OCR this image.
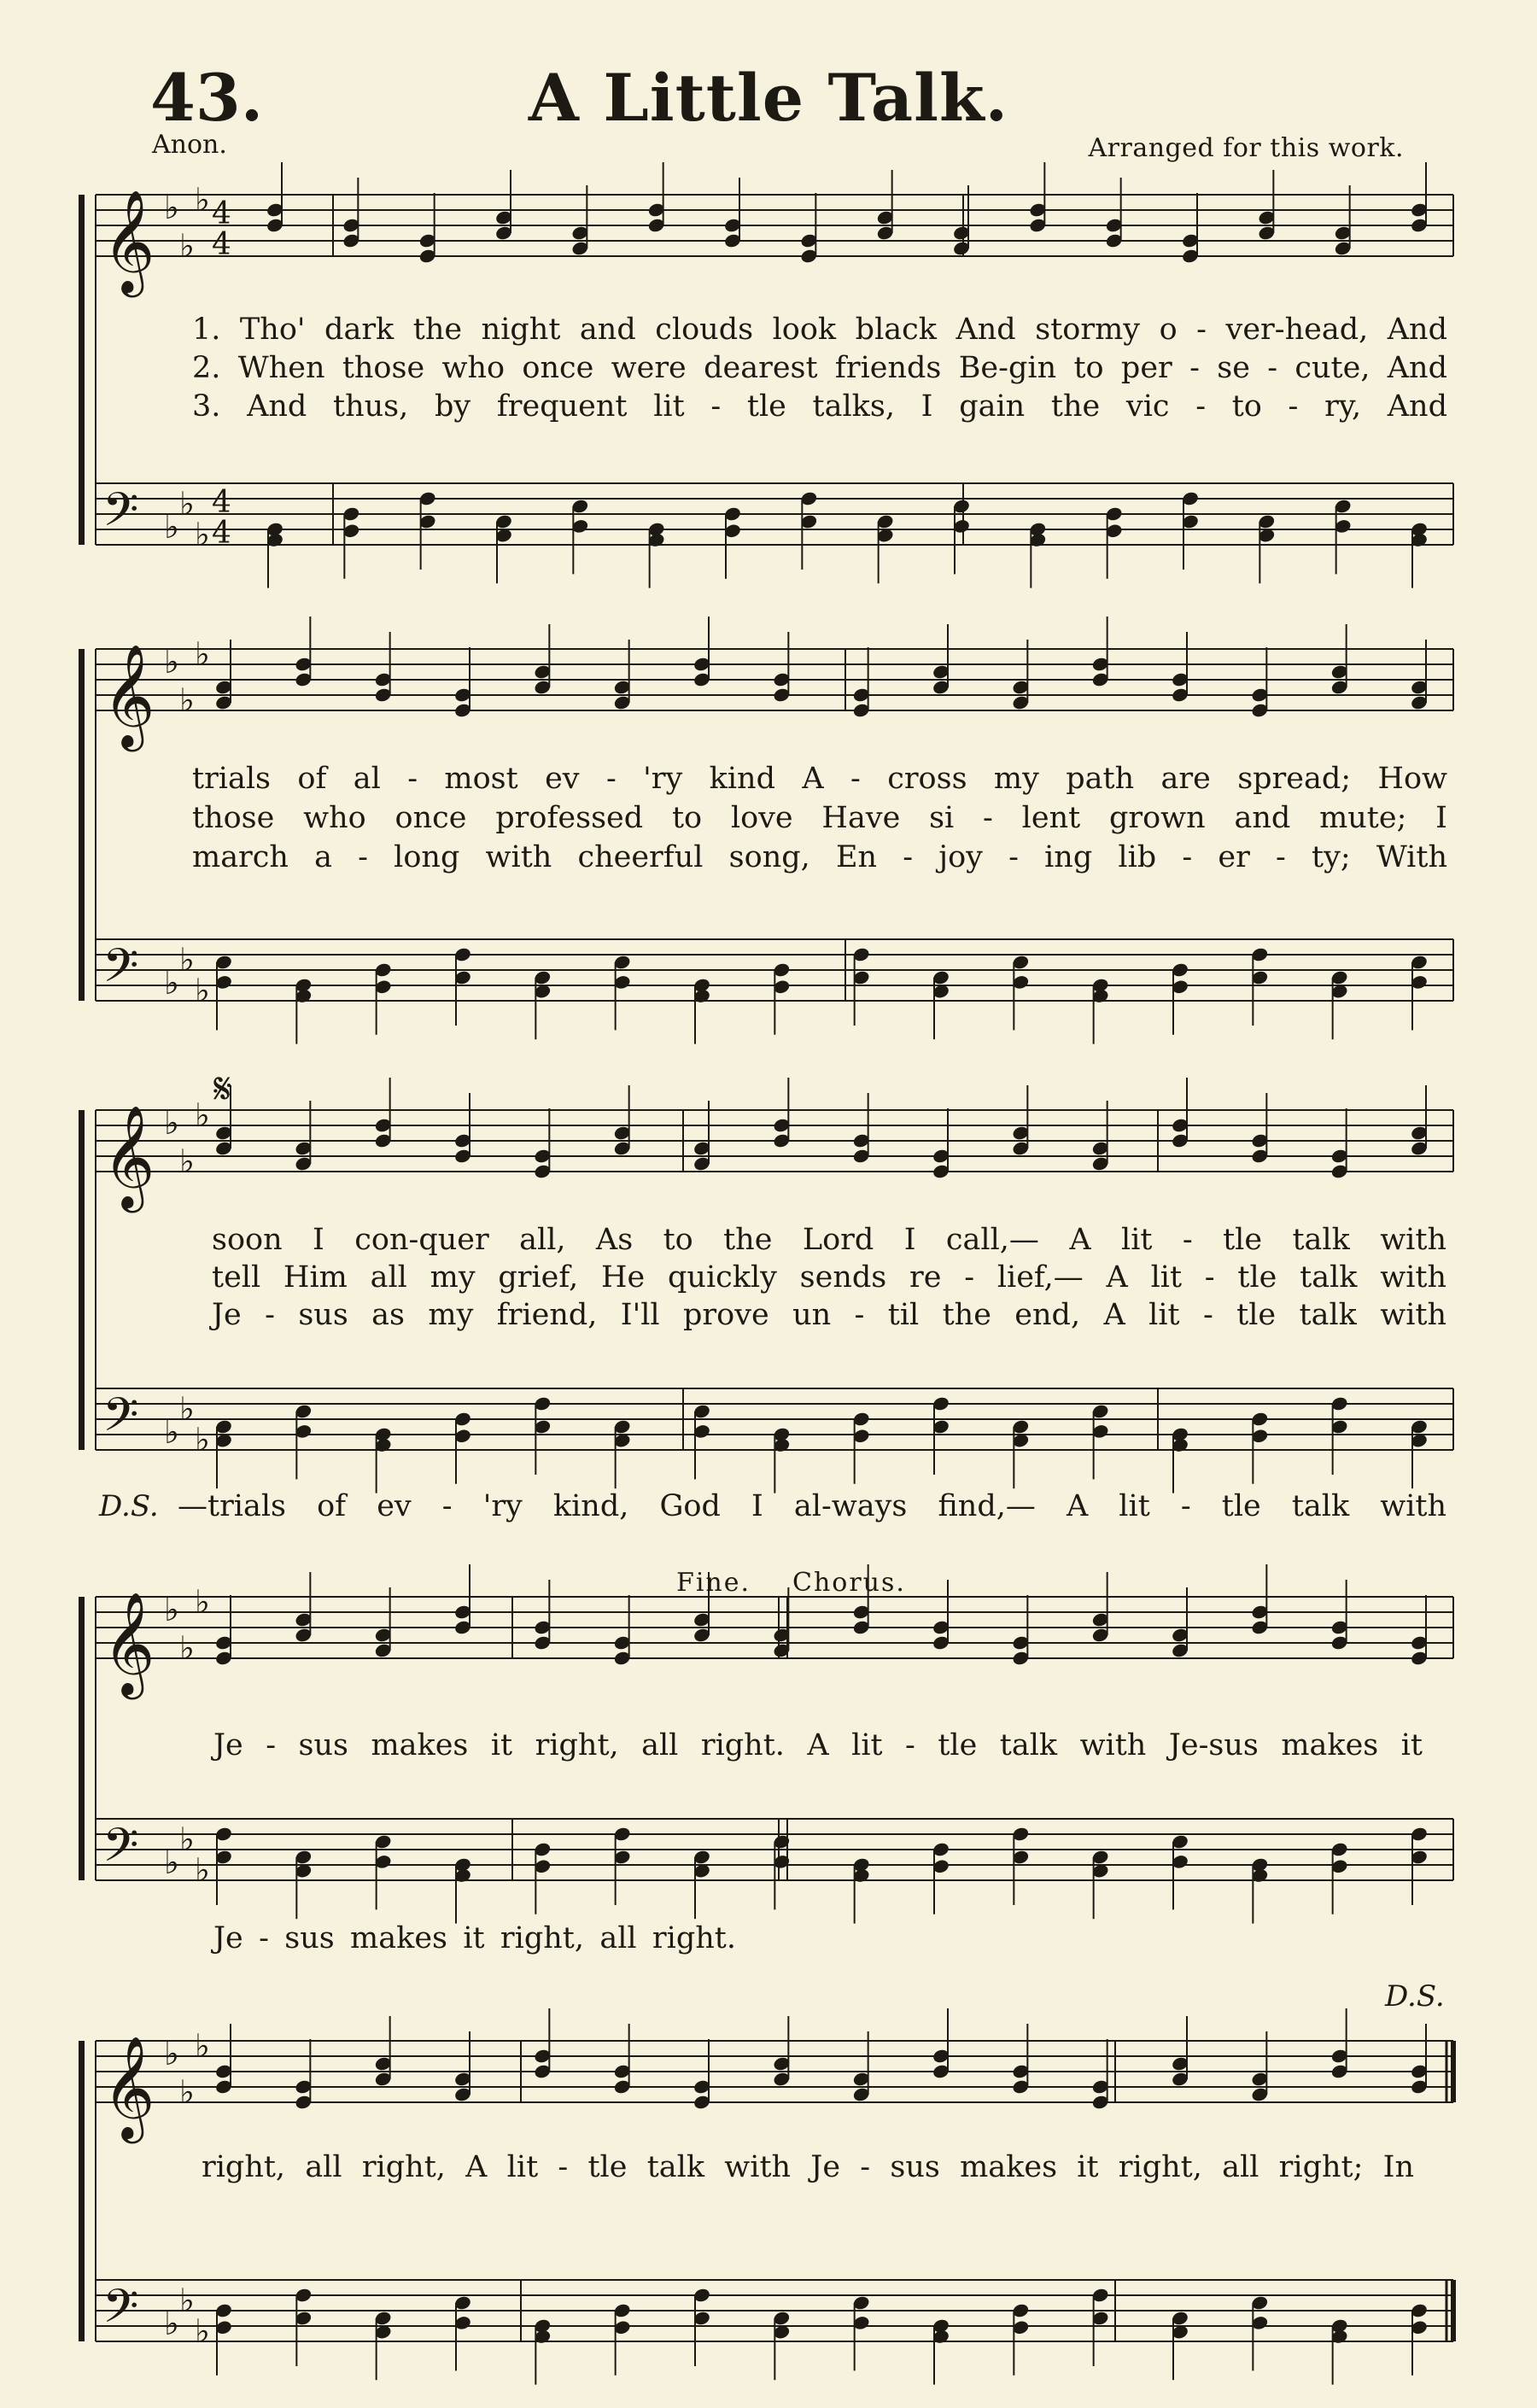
A Little Talk.
43.
Anon.	Arranged for this work.
𝄞
𝄢
♭
♭
♭
♭
♭
♭
4
4
4
4
𝄞
𝄢
♭
♭
♭
♭
♭
♭
𝄞
𝄢
♭
♭
♭
♭
♭
♭
𝄞
𝄢
♭
♭
♭
♭
♭
♭
𝄞
𝄢
♭
♭
♭
♭
♭
♭
𝄋
Fine. Chorus.
D.S.
1. Tho' dark the night and clouds look black And stormy o - ver-head, And
2. When those who once were dearest friends Be-gin to per - se - cute, And
3. And thus, by frequent lit - tle talks, I gain the vic - to - ry, And
trials of al - most ev - 'ry kind A - cross my path are spread; How
those who once professed to love Have si - lent grown and mute; I
march a - long with cheerful song, En - joy - ing lib - er - ty; With
soon I con-quer all, As to the Lord I call,— A lit - tle talk with
tell Him all my grief, He quickly sends re - lief,— A lit - tle talk with
Je - sus as my friend, I'll prove un - til the end, A lit - tle talk with
D.S. —trials of ev - 'ry kind, God I al-ways find,— A lit - tle talk with
Je - sus makes it right, all right. A lit - tle talk with Je-sus makes it
Je - sus makes it right, all right.
right, all right, A lit - tle talk with Je - sus makes it right, all right; In
